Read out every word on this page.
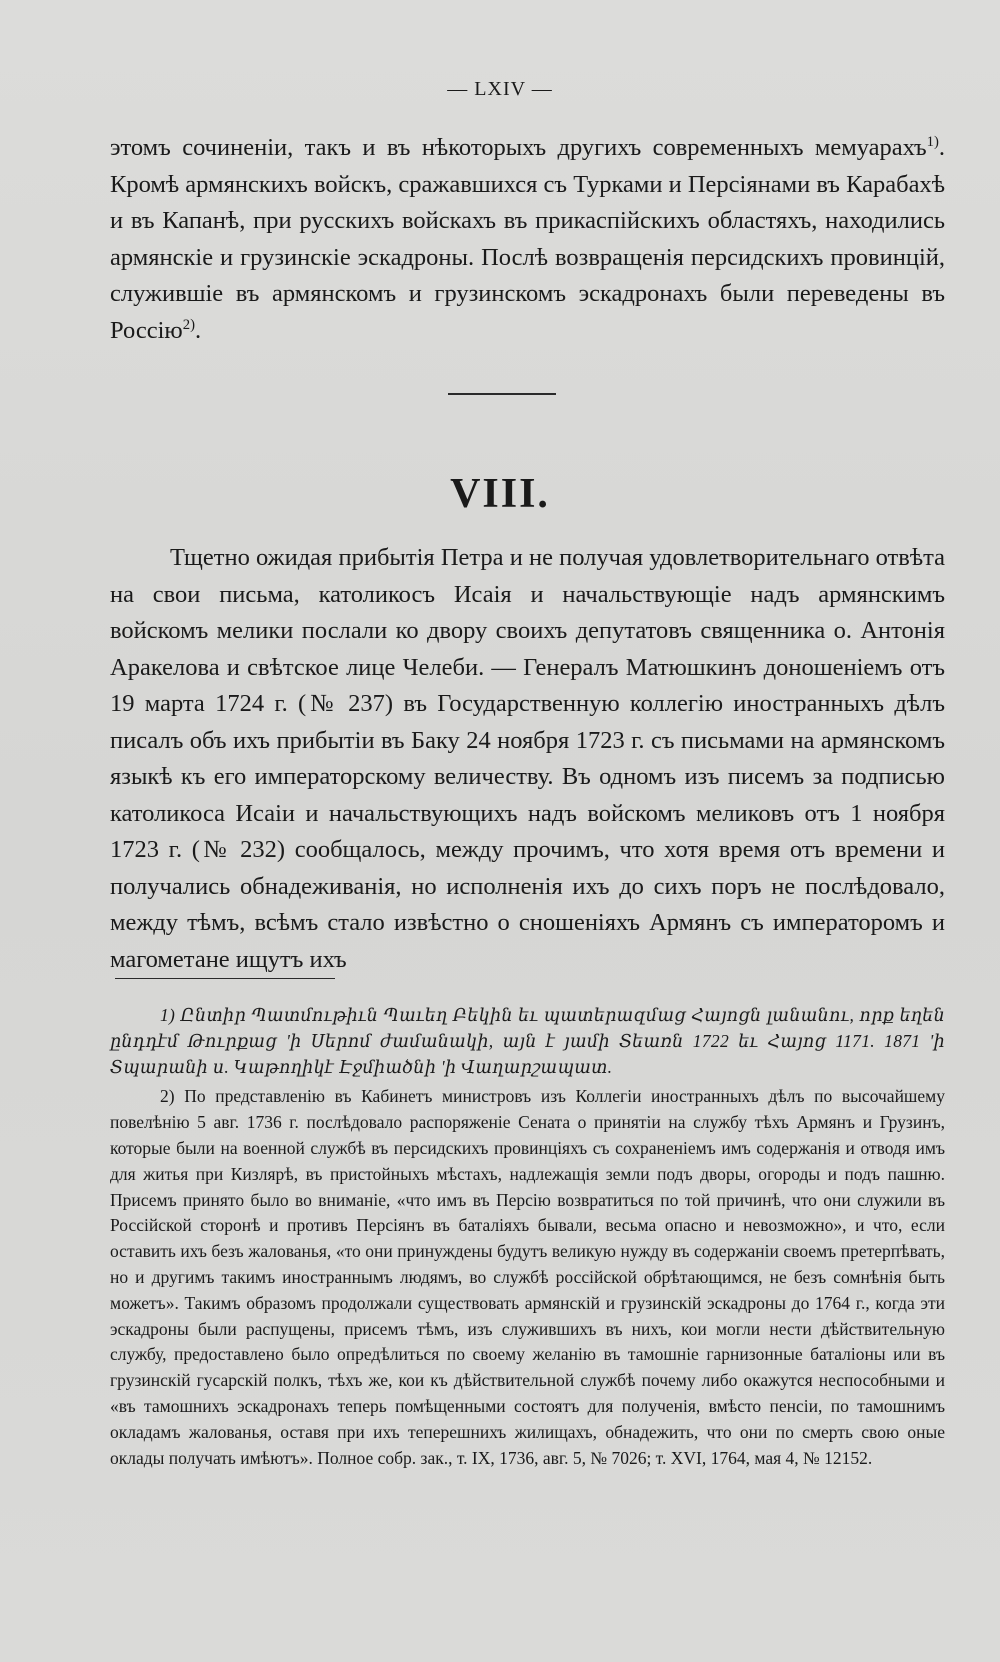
— LXIV —
этомъ сочиненiи, такъ и въ нѣкоторыхъ другихъ современныхъ мемуарахъ$^{1)}$. Кромѣ армянскихъ войскъ, сражавшихся съ Турками и Персiянами въ Карабахѣ и въ Капанѣ, при русскихъ войскахъ въ прикаспiйскихъ областяхъ, находились армянскiе и грузинскiе эскадроны. Послѣ возвращенiя персидскихъ провинцiй, служившiе въ армянскомъ и грузинскомъ эскадронахъ были переведены въ Россiю$^{2)}$.
VIII.
Тщетно ожидая прибытiя Петра и не получая удовлетворительнаго отвѣта на свои письма, католикосъ Исаiя и начальствующiе надъ армянскимъ войскомъ мелики послали ко двору своихъ депутатовъ священника о. Антонiя Аракелова и свѣтское лице Челеби. — Генералъ Матюшкинъ доношенiемъ отъ 19 марта 1724 г. (№ 237) въ Государственную коллегiю иностранныхъ дѣлъ писалъ объ ихъ прибытiи въ Баку 24 ноября 1723 г. съ письмами на армянскомъ языкѣ къ его императорскому величеству. Въ одномъ изъ писемъ за подписью католикоса Исаiи и начальствующихъ надъ войскомъ меликовъ отъ 1 ноября 1723 г. (№ 232) сообщалось, между прочимъ, что хотя время отъ времени и получались обнадеживанiя, но исполненiя ихъ до сихъ поръ не послѣдовало, между тѣмъ, всѣмъ стало извѣстно о сношенiяхъ Армянъ съ императоромъ и магометане ищутъ ихъ

1) Ընտիր Պատմութիւն Պաւեղ Բեկին եւ պատերազմաց Հայոցն լանանու, որք եղեն ընդդէմ Թուրքաց 'ի Սերոմ ժամանակի, այն է յամի Տեառն 1722 եւ Հայոց 1171. 1871 'ի Տպարանի ս. Կաթողիկէ Էջմիածնի 'ի Վաղարշապատ.

2) По представленiю въ Кабинетъ министровъ изъ Коллегiи иностранныхъ дѣлъ по высочайшему повелѣнiю 5 авг. 1736 г. послѣдовало распоряженiе Сената о принятiи на службу тѣхъ Армянъ и Грузинъ, которые были на военной службѣ въ персидскихъ провинцiяхъ съ сохраненiемъ имъ содержанiя и отводя имъ для житья при Кизлярѣ, въ пристойныхъ мѣстахъ, надлежащiя земли подъ дворы, огороды и подъ пашню. Присемъ принято было во вниманiе, «что имъ въ Персiю возвратиться по той причинѣ, что они служили въ Россiйской сторонѣ и противъ Персiянъ въ баталiяхъ бывали, весьма опасно и невозможно», и что, если оставить ихъ безъ жалованья, «то они принуждены будутъ великую нужду въ содержанiи своемъ претерпѣвать, но и другимъ такимъ иностраннымъ людямъ, во службѣ россiйской обрѣтающимся, не безъ сомнѣнiя быть можетъ». Такимъ образомъ продолжали существовать армянскiй и грузинскiй эскадроны до 1764 г., когда эти эскадроны были распущены, присемъ тѣмъ, изъ служившихъ въ нихъ, кои могли нести дѣйствительную службу, предоставлено было опредѣлиться по своему желанiю въ тамошнiе гарнизонные баталiоны или въ грузинскiй гусарскiй полкъ, тѣхъ же, кои къ дѣйствительной службѣ почему либо окажутся неспособными и «въ тамошнихъ эскадронахъ теперь помѣщенными состоятъ для полученiя, вмѣсто пенсiи, по тамошнимъ окладамъ жалованья, оставя при ихъ теперешнихъ жилищахъ, обнадежить, что они по смерть свою оные оклады получать имѣютъ». Полное собр. зак., т. IX, 1736, авг. 5, № 7026; т. XVI, 1764, мая 4, № 12152.
